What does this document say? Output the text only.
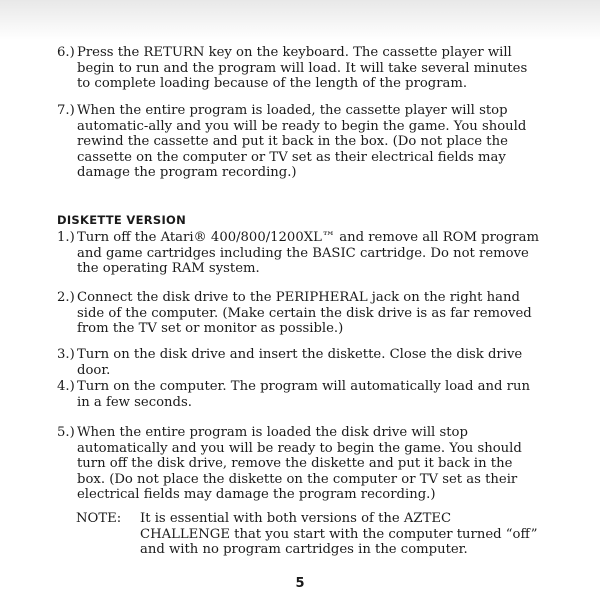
6.) Press the RETURN key on the keyboard. The cassette player will begin to run and the program will load. It will take several minutes to complete loading because of the length of the program.
7.) When the entire program is loaded, the cassette player will stop automatic-ally and you will be ready to begin the game. You should rewind the cassette and put it back in the box. (Do not place the cassette on the computer or TV set as their electrical fields may damage the program recording.)
DISKETTE VERSION
1.) Turn off the Atari® 400/800/1200XL™ and remove all ROM program and game cartridges including the BASIC cartridge. Do not remove the operating RAM system.
2.) Connect the disk drive to the PERIPHERAL jack on the right hand side of the computer. (Make certain the disk drive is as far removed from the TV set or monitor as possible.)
3.) Turn on the disk drive and insert the diskette. Close the disk drive door.
4.) Turn on the computer. The program will automatically load and run in a few seconds.
5.) When the entire program is loaded the disk drive will stop automatically and you will be ready to begin the game. You should turn off the disk drive, remove the diskette and put it back in the box. (Do not place the diskette on the computer or TV set as their electrical fields may damage the program recording.)
NOTE: It is essential with both versions of the AZTEC CHALLENGE that you start with the computer turned “off” and with no program cartridges in the computer.
5
